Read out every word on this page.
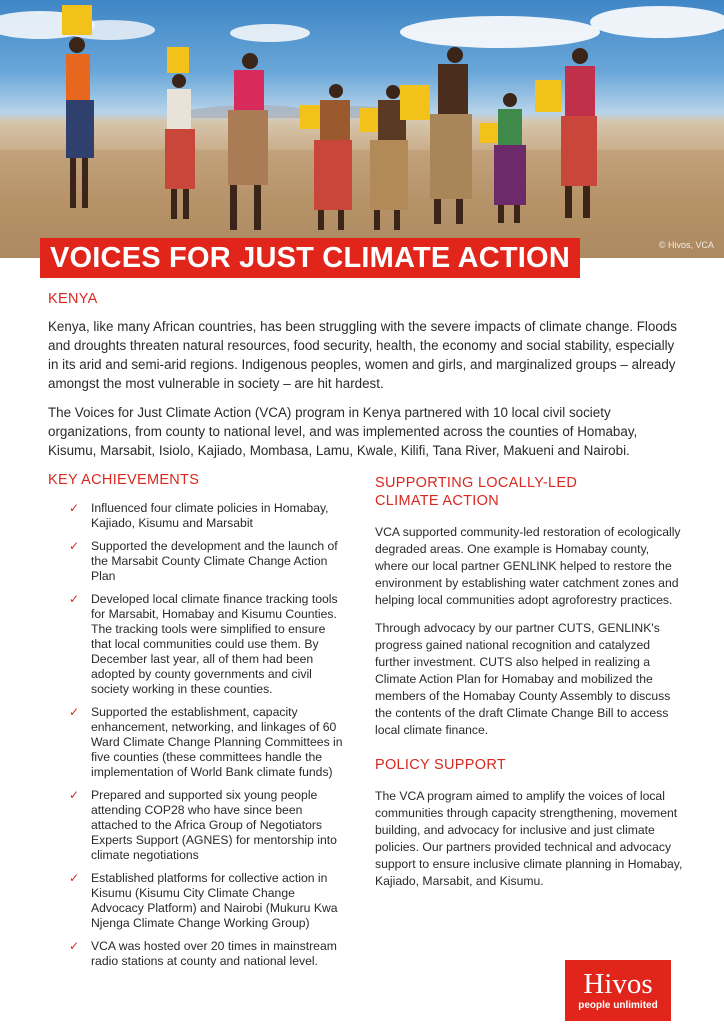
© Hivos, VCA
VOICES FOR JUST CLIMATE ACTION
KENYA

Kenya, like many African countries, has been struggling with the severe impacts of climate change. Floods and droughts threaten natural resources, food security, health, the economy and social stability, especially in its arid and semi-arid regions. Indigenous peoples, women and girls, and marginalized groups – already amongst the most vulnerable in society – are hit hardest.

The Voices for Just Climate Action (VCA) program in Kenya partnered with 10 local civil society organizations, from county to national level, and was implemented across the counties of Homabay, Kisumu, Marsabit, Isiolo, Kajiado, Mombasa, Lamu, Kwale, Kilifi, Tana River, Makueni and Nairobi.

KEY ACHIEVEMENTS
✓ Influenced four climate policies in Homabay, Kajiado, Kisumu and Marsabit
✓ Supported the development and the launch of the Marsabit County Climate Change Action Plan
✓ Developed local climate finance tracking tools for Marsabit, Homabay and Kisumu Counties. The tracking tools were simplified to ensure that local communities could use them. By December last year, all of them had been adopted by county governments and civil society working in these counties.
✓ Supported the establishment, capacity enhancement, networking, and linkages of 60 Ward Climate Change Planning Committees in five counties (these committees handle the implementation of World Bank climate funds)
✓ Prepared and supported six young people attending COP28 who have since been attached to the Africa Group of Negotiators Experts Support (AGNES) for mentorship into climate negotiations
✓ Established platforms for collective action in Kisumu (Kisumu City Climate Change Advocacy Platform) and Nairobi (Mukuru Kwa Njenga Climate Change Working Group)
✓ VCA was hosted over 20 times in mainstream radio stations at county and national level.
SUPPORTING LOCALLY-LED
CLIMATE ACTION

VCA supported community-led restoration of ecologically degraded areas. One example is Homabay county, where our local partner GENLINK helped to restore the environment by establishing water catchment zones and helping local communities adopt agroforestry practices.

Through advocacy by our partner CUTS, GENLINK's progress gained national recognition and catalyzed further investment. CUTS also helped in realizing a Climate Action Plan for Homabay and mobilized the members of the Homabay County Assembly to discuss the contents of the draft Climate Change Bill to access local climate finance.

POLICY SUPPORT

The VCA program aimed to amplify the voices of local communities through capacity strengthening, movement building, and advocacy for inclusive and just climate policies. Our partners provided technical and advocacy support to ensure inclusive climate planning in Homabay, Kajiado, Marsabit, and Kisumu.

Hivos
people unlimited
